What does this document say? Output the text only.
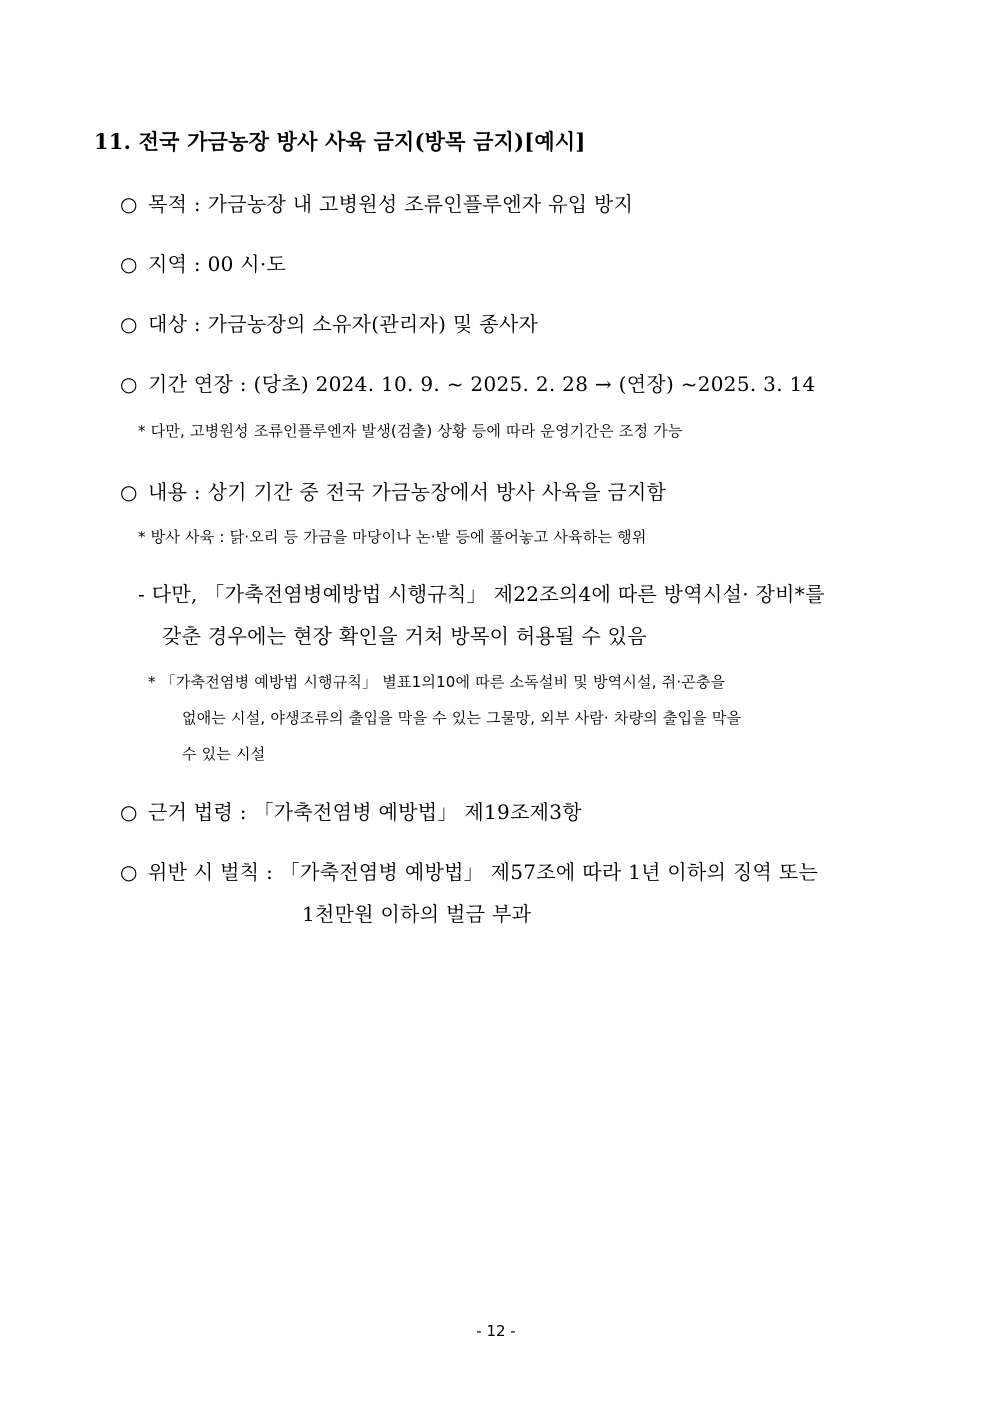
11. 전국 가금농장 방사 사육 금지(방목 금지)[예시]
○ 목적 : 가금농장 내 고병원성 조류인플루엔자 유입 방지
○ 지역 : 00 시·도
○ 대상 : 가금농장의 소유자(관리자) 및 종사자
○ 기간 연장 : (당초) 2024. 10. 9. ~ 2025. 2. 28 → (연장) ~2025. 3. 14
* 다만, 고병원성 조류인플루엔자 발생(검출) 상황 등에 따라 운영기간은 조정 가능
○ 내용 : 상기 기간 중 전국 가금농장에서 방사 사육을 금지함
* 방사 사육 : 닭·오리 등 가금을 마당이나 논·밭 등에 풀어놓고 사육하는 행위
- 다만, 「가축전염병예방법 시행규칙」 제22조의4에 따른 방역시설· 장비*를
갖춘 경우에는 현장 확인을 거쳐 방목이 허용될 수 있음
* 「가축전염병 예방법 시행규칙」 별표1의10에 따른 소독설비 및 방역시설, 쥐·곤충을
없애는 시설, 야생조류의 출입을 막을 수 있는 그물망, 외부 사람· 차량의 출입을 막을
수 있는 시설
○ 근거 법령 : 「가축전염병 예방법」 제19조제3항
○ 위반 시 벌칙 : 「가축전염병 예방법」 제57조에 따라 1년 이하의 징역 또는
1천만원 이하의 벌금 부과
- 12 -
